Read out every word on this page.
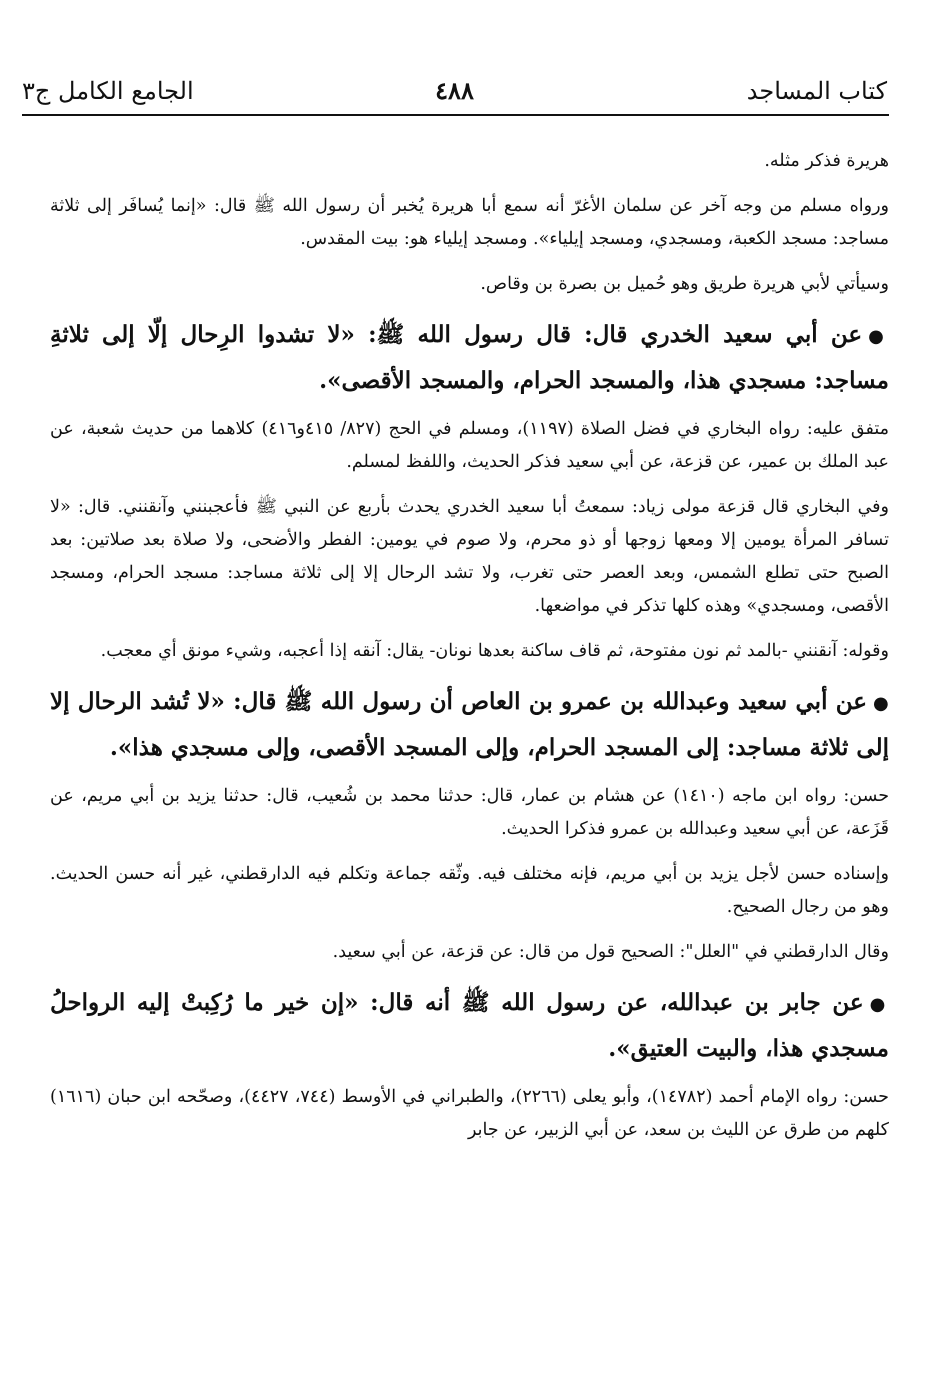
كتاب المساجد
٤٨٨
الجامع الكامل ج٣

هريرة فذكر مثله.

ورواه مسلم من وجه آخر عن سلمان الأغرّ أنه سمع أبا هريرة يُخبر أن رسول الله ﷺ قال: «إنما يُسافَر إلى ثلاثة مساجد: مسجد الكعبة، ومسجدي، ومسجد إيلياء». ومسجد إيلياء هو: بيت المقدس.

وسيأتي لأبي هريرة طريق وهو حُميل بن بصرة بن وقاص.

●عن أبي سعيد الخدري قال: قال رسول الله ﷺ: «لا تشدوا الرِحال إلّا إلى ثلاثةِ مساجد: مسجدي هذا، والمسجد الحرام، والمسجد الأقصى».

متفق عليه: رواه البخاري في فضل الصلاة (١١٩٧)، ومسلم في الحج (٨٢٧/ ٤١٥و٤١٦) كلاهما من حديث شعبة، عن عبد الملك بن عمير، عن قزعة، عن أبي سعيد فذكر الحديث، واللفظ لمسلم.

وفي البخاري قال قزعة مولى زياد: سمعتُ أبا سعيد الخدري يحدث بأربع عن النبي ﷺ فأعجبنني وآنقنني. قال: «لا تسافر المرأة يومين إلا ومعها زوجها أو ذو محرم، ولا صوم في يومين: الفطر والأضحى، ولا صلاة بعد صلاتين: بعد الصبح حتى تطلع الشمس، وبعد العصر حتى تغرب، ولا تشد الرحال إلا إلى ثلاثة مساجد: مسجد الحرام، ومسجد الأقصى، ومسجدي» وهذه كلها تذكر في مواضعها.

وقوله: آنقنني -بالمد ثم نون مفتوحة، ثم قاف ساكنة بعدها نونان- يقال: آنقه إذا أعجبه، وشيء مونق أي معجب.

●عن أبي سعيد وعبدالله بن عمرو بن العاص أن رسول الله ﷺ قال: «لا تُشد الرحال إلا إلى ثلاثة مساجد: إلى المسجد الحرام، وإلى المسجد الأقصى، وإلى مسجدي هذا».

حسن: رواه ابن ماجه (١٤١٠) عن هشام بن عمار، قال: حدثنا محمد بن شُعيب، قال: حدثنا يزيد بن أبي مريم، عن قَزَعة، عن أبي سعيد وعبدالله بن عمرو فذكرا الحديث.

وإسناده حسن لأجل يزيد بن أبي مريم، فإنه مختلف فيه. وثّقه جماعة وتكلم فيه الدارقطني، غير أنه حسن الحديث. وهو من رجال الصحيح.

وقال الدارقطني في "العلل": الصحيح قول من قال: عن قزعة، عن أبي سعيد.

●عن جابر بن عبدالله، عن رسول الله ﷺ أنه قال: «إن خير ما رُكِبتْ إليه الرواحلُ مسجدي هذا، والبيت العتيق».

حسن: رواه الإمام أحمد (١٤٧٨٢)، وأبو يعلى (٢٢٦٦)، والطبراني في الأوسط (٧٤٤، ٤٤٢٧)، وصحّحه ابن حبان (١٦١٦) كلهم من طرق عن الليث بن سعد، عن أبي الزبير، عن جابر
